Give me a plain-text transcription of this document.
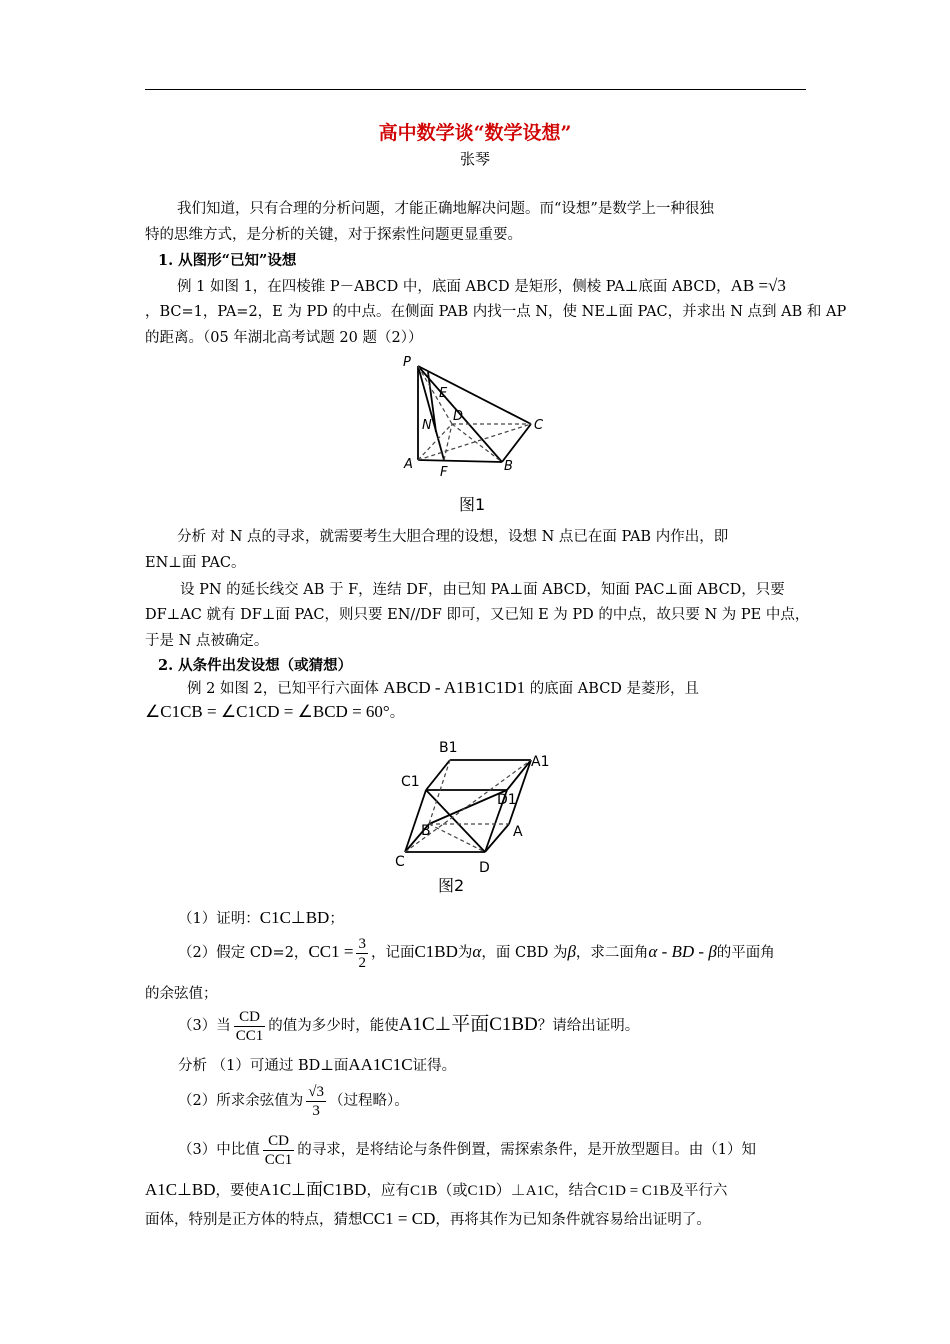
高中数学谈“数学设想”
张琴
我们知道，只有合理的分析问题，才能正确地解决问题。而“设想”是数学上一种很独
特的思维方式，是分析的关键，对于探索性问题更显重要。
1. 从图形“已知”设想
例 1 如图 1，在四棱锥 P－ABCD 中，底面 ABCD 是矩形，侧棱 PA⊥底面 ABCD，AB =√3
，BC=1，PA=2，E 为 PD 的中点。在侧面 PAB 内找一点 N，使 NE⊥面 PAC，并求出 N 点到 AB 和 AP
的距离。（05 年湖北高考试题 20 题（2））
P
E
D
N	C
A
F	B
图1
分析 对 N 点的寻求，就需要考生大胆合理的设想，设想 N 点已在面 PAB 内作出，即
EN⊥面 PAC。
设 PN 的延长线交 AB 于 F，连结 DF，由已知 PA⊥面 ABCD，知面 PAC⊥面 ABCD，只要
DF⊥AC 就有 DF⊥面 PAC，则只要 EN//DF 即可，又已知 E 为 PD 的中点，故只要 N 为 PE 中点，
于是 N 点被确定。
2. 从条件出发设想（或猜想）
例 2 如图 2，已知平行六面体 ABCD - A1B1C1D1 的底面 ABCD 是菱形，且
∠C1CB = ∠C1CD = ∠BCD = 60°。
B1
A1
C1
D1
B	A
C	D
图2
（1）证明：C1C⊥BD；
（2）假定 CD=2，$CC1 = \frac{3}{2}$ ，记面C1BD为α，面 CBD 为β，求二面角α - BD - β的平面角
的余弦值；
（3）当 $\frac{CD}{CC1}$ 的值为多少时，能使A1C⊥平面C1BD？请给出证明。
分析 （1）可通过 BD⊥面AA1C1C证得。
（2）所求余弦值为 $\frac{√3}{3}$ （过程略）。
（3）中比值 $\frac{CD}{CC1}$ 的寻求，是将结论与条件倒置，需探索条件，是开放型题目。由（1）知
A1C⊥BD，要使A1C⊥面C1BD，应有C1B（或C1D）⊥A1C，结合C1D = C1B及平行六
面体，特别是正方体的特点，猜想CC1 = CD，再将其作为已知条件就容易给出证明了。
